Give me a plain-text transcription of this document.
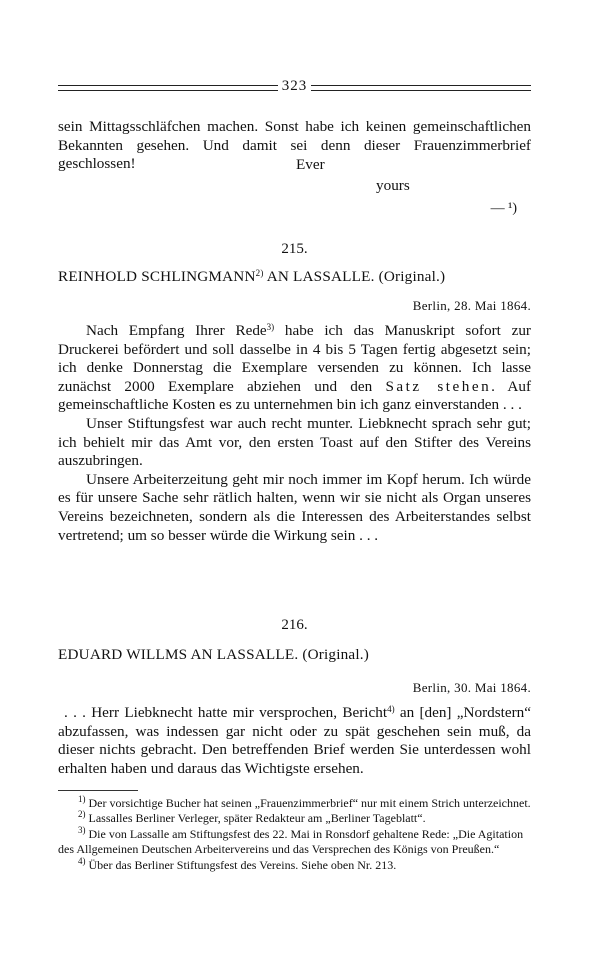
323

sein Mittagsschläfchen machen. Sonst habe ich keinen gemeinschaftlichen Bekannten gesehen. Und damit sei denn dieser Frauenzimmerbrief geschlossen!	Ever
yours
— ¹)
215.
REINHOLD SCHLINGMANN$^{2)}$ AN LASSALLE. (Original.)
Berlin, 28. Mai 1864.

Nach Empfang Ihrer Rede$^{3)}$ habe ich das Manuskript sofort zur Druckerei befördert und soll dasselbe in 4 bis 5 Tagen fertig abgesetzt sein; ich denke Donnerstag die Exemplare versenden zu können. Ich lasse zunächst 2000 Exemplare abziehen und den Satz stehen. Auf gemeinschaftliche Kosten es zu unternehmen bin ich ganz einverstanden . . .

Unser Stiftungsfest war auch recht munter. Liebknecht sprach sehr gut; ich behielt mir das Amt vor, den ersten Toast auf den Stifter des Vereins auszubringen.

Unsere Arbeiterzeitung geht mir noch immer im Kopf herum. Ich würde es für unsere Sache sehr rätlich halten, wenn wir sie nicht als Organ unseres Vereins bezeichneten, sondern als die Interessen des Arbeiterstandes selbst vertretend; um so besser würde die Wirkung sein . . .

216.
EDUARD WILLMS AN LASSALLE. (Original.)
Berlin, 30. Mai 1864.

. . . Herr Liebknecht hatte mir versprochen, Bericht$^{4)}$ an [den] „Nordstern“ abzufassen, was indessen gar nicht oder zu spät geschehen sein muß, da dieser nichts gebracht. Den betreffenden Brief werden Sie unterdessen wohl erhalten haben und daraus das Wichtigste ersehen.

$^{1)}$ Der vorsichtige Bucher hat seinen „Frauenzimmerbrief“ nur mit einem Strich unterzeichnet.

$^{2)}$ Lassalles Berliner Verleger, später Redakteur am „Berliner Tageblatt“.

$^{3)}$ Die von Lassalle am Stiftungsfest des 22. Mai in Ronsdorf gehaltene Rede: „Die Agitation des Allgemeinen Deutschen Arbeitervereins und das Versprechen des Königs von Preußen.“

$^{4)}$ Über das Berliner Stiftungsfest des Vereins. Siehe oben Nr. 213.
